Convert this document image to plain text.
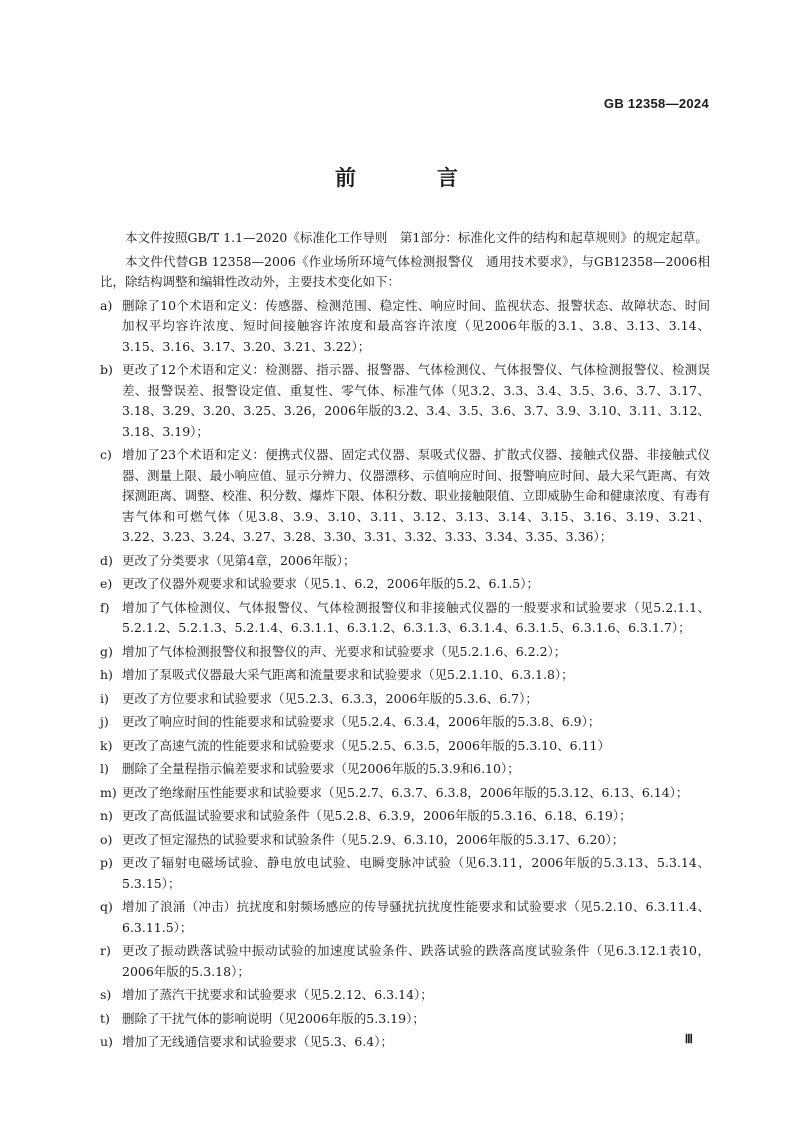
GB 12358—2024
前　言

本文件按照GB/T 1.1—2020《标准化工作导则　第1部分：标准化文件的结构和起草规则》的规定起草。

本文件代替GB 12358—2006《作业场所环境气体检测报警仪　通用技术要求》，与GB12358—2006相比，除结构调整和编辑性改动外，主要技术变化如下：

a) 删除了10个术语和定义：传感器、检测范围、稳定性、响应时间、监视状态、报警状态、故障状态、时间加权平均容许浓度、短时间接触容许浓度和最高容许浓度（见2006年版的3.1、3.8、3.13、3.14、3.15、3.16、3.17、3.20、3.21、3.22）；
b) 更改了12个术语和定义：检测器、指示器、报警器、气体检测仪、气体报警仪、气体检测报警仪、检测误差、报警误差、报警设定值、重复性、零气体、标准气体（见3.2、3.3、3.4、3.5、3.6、3.7、3.17、3.18、3.29、3.20、3.25、3.26，2006年版的3.2、3.4、3.5、3.6、3.7、3.9、3.10、3.11、3.12、3.18、3.19）；
c) 增加了23个术语和定义：便携式仪器、固定式仪器、泵吸式仪器、扩散式仪器、接触式仪器、非接触式仪器、测量上限、最小响应值、显示分辨力、仪器漂移、示值响应时间、报警响应时间、最大采气距离、有效探测距离、调整、校准、积分数、爆炸下限、体积分数、职业接触限值、立即威胁生命和健康浓度、有毒有害气体和可燃气体（见3.8、3.9、3.10、3.11、3.12、3.13、3.14、3.15、3.16、3.19、3.21、3.22、3.23、3.24、3.27、3.28、3.30、3.31、3.32、3.33、3.34、3.35、3.36）；
d) 更改了分类要求（见第4章，2006年版）；
e) 更改了仪器外观要求和试验要求（见5.1、6.2，2006年版的5.2、6.1.5）；
f) 增加了气体检测仪、气体报警仪、气体检测报警仪和非接触式仪器的一般要求和试验要求（见5.2.1.1、5.2.1.2、5.2.1.3、5.2.1.4、6.3.1.1、6.3.1.2、6.3.1.3、6.3.1.4、6.3.1.5、6.3.1.6、6.3.1.7）；
g) 增加了气体检测报警仪和报警仪的声、光要求和试验要求（见5.2.1.6、6.2.2）；
h) 增加了泵吸式仪器最大采气距离和流量要求和试验要求（见5.2.1.10、6.3.1.8）；
i)	更改了方位要求和试验要求（见5.2.3、6.3.3，2006年版的5.3.6、6.7）；
j)	更改了响应时间的性能要求和试验要求（见5.2.4、6.3.4，2006年版的5.3.8、6.9）；
k) 更改了高速气流的性能要求和试验要求（见5.2.5、6.3.5，2006年版的5.3.10、6.11）
l)	删除了全量程指示偏差要求和试验要求（见2006年版的5.3.9和6.10）；
m) 更改了绝缘耐压性能要求和试验要求（见5.2.7、6.3.7、6.3.8，2006年版的5.3.12、6.13、6.14）；
n) 更改了高低温试验要求和试验条件（见5.2.8、6.3.9，2006年版的5.3.16、6.18、6.19）；
o) 更改了恒定湿热的试验要求和试验条件（见5.2.9、6.3.10，2006年版的5.3.17、6.20）；
p) 更改了辐射电磁场试验、静电放电试验、电瞬变脉冲试验（见6.3.11，2006年版的5.3.13、5.3.14、5.3.15）；
q) 增加了浪涌（冲击）抗扰度和射频场感应的传导骚扰抗扰度性能要求和试验要求（见5.2.10、6.3.11.4、6.3.11.5）；
r) 更改了振动跌落试验中振动试验的加速度试验条件、跌落试验的跌落高度试验条件（见6.3.12.1表10，2006年版的5.3.18）；
s) 增加了蒸汽干扰要求和试验要求（见5.2.12、6.3.14）；
t) 删除了干扰气体的影响说明（见2006年版的5.3.19）；
u) 增加了无线通信要求和试验要求（见5.3、6.4）；	Ⅲ
